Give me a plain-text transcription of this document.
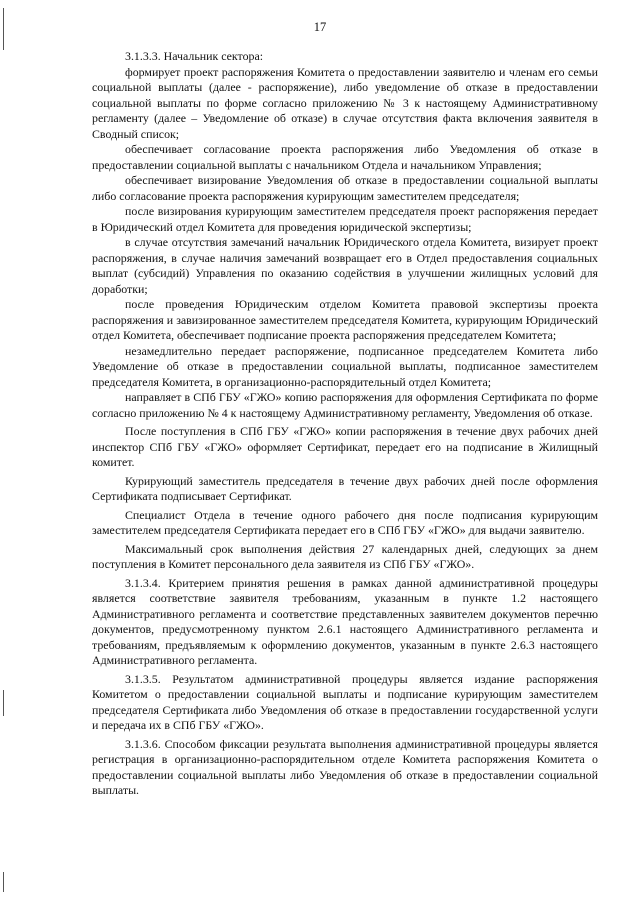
17

3.1.3.3. Начальник сектора:

формирует проект распоряжения Комитета о предоставлении заявителю и членам его семьи социальной выплаты (далее - распоряжение), либо уведомление об отказе в предоставлении социальной выплаты по форме согласно приложению № 3 к настоящему Административному регламенту (далее – Уведомление об отказе) в случае отсутствия факта включения заявителя в Сводный список;

обеспечивает согласование проекта распоряжения либо Уведомления об отказе в предоставлении социальной выплаты с начальником Отдела и начальником Управления;

обеспечивает визирование Уведомления об отказе в предоставлении социальной выплаты либо согласование проекта распоряжения курирующим заместителем председателя;

после визирования курирующим заместителем председателя проект распоряжения передает в Юридический отдел Комитета для проведения юридической экспертизы;

в случае отсутствия замечаний начальник Юридического отдела Комитета, визирует проект распоряжения, в случае наличия замечаний возвращает его в Отдел предоставления социальных выплат (субсидий) Управления по оказанию содействия в улучшении жилищных условий для доработки;

после проведения Юридическим отделом Комитета правовой экспертизы проекта распоряжения и завизированное заместителем председателя Комитета, курирующим Юридический отдел Комитета, обеспечивает подписание проекта распоряжения председателем Комитета;

незамедлительно передает распоряжение, подписанное председателем Комитета либо Уведомление об отказе в предоставлении социальной выплаты, подписанное заместителем председателя Комитета, в организационно-распорядительный отдел Комитета;

направляет в СПб ГБУ «ГЖО» копию распоряжения для оформления Сертификата по форме согласно приложению № 4 к настоящему Административному регламенту, Уведомления об отказе.

После поступления в СПб ГБУ «ГЖО» копии распоряжения в течение двух рабочих дней инспектор СПб ГБУ «ГЖО» оформляет Сертификат, передает его на подписание в Жилищный комитет.

Курирующий заместитель председателя в течение двух рабочих дней после оформления Сертификата подписывает Сертификат.

Специалист Отдела в течение одного рабочего дня после подписания курирующим заместителем председателя Сертификата передает его в СПб ГБУ «ГЖО» для выдачи заявителю.

Максимальный срок выполнения действия 27 календарных дней, следующих за днем поступления в Комитет персонального дела заявителя из СПб ГБУ «ГЖО».

3.1.3.4. Критерием принятия решения в рамках данной административной процедуры является соответствие заявителя требованиям, указанным в пункте 1.2 настоящего Административного регламента и соответствие представленных заявителем документов перечню документов, предусмотренному пунктом 2.6.1 настоящего Административного регламента и требованиям, предъявляемым к оформлению документов, указанным в пункте 2.6.3 настоящего Административного регламента.

3.1.3.5. Результатом административной процедуры является издание распоряжения Комитетом о предоставлении социальной выплаты и подписание курирующим заместителем председателя Сертификата либо Уведомления об отказе в предоставлении государственной услуги и передача их в СПб ГБУ «ГЖО».

3.1.3.6. Способом фиксации результата выполнения административной процедуры является регистрация в организационно-распорядительном отделе Комитета распоряжения Комитета о предоставлении социальной выплаты либо Уведомления об отказе в предоставлении социальной выплаты.
